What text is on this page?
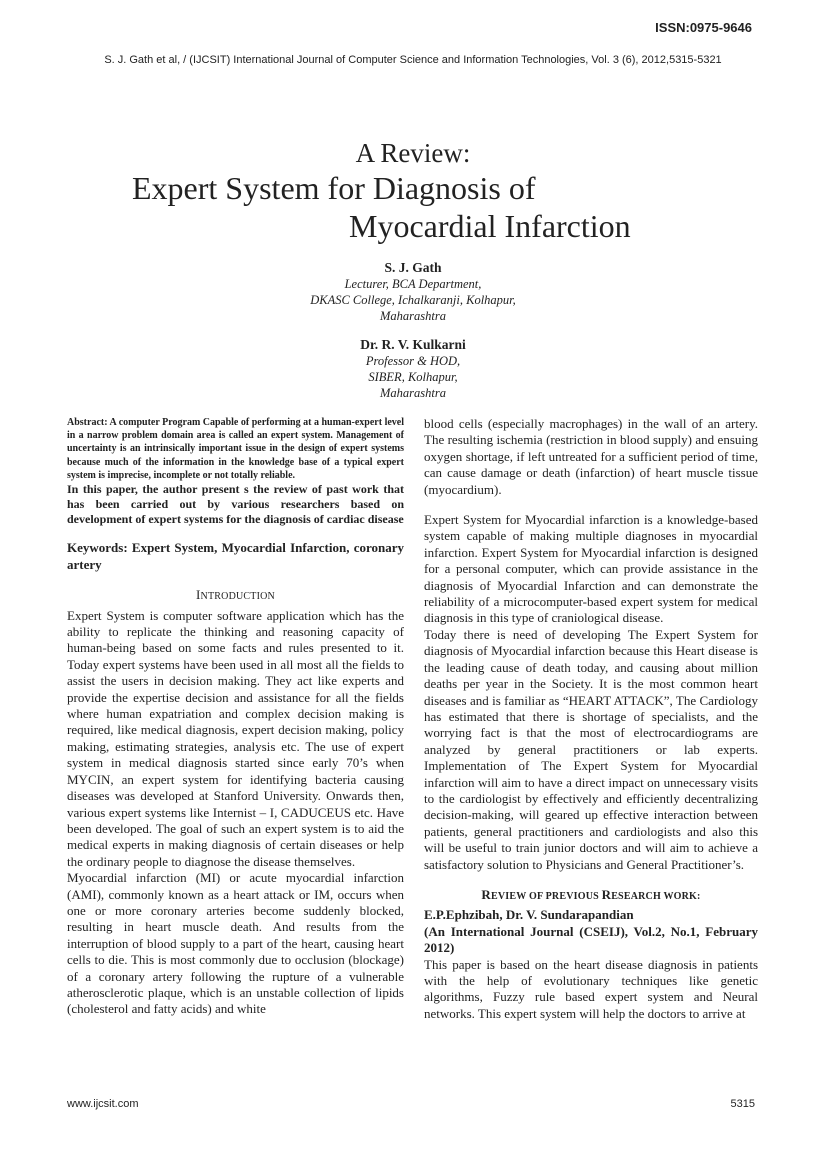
ISSN:0975-9646
S. J. Gath et al, / (IJCSIT) International Journal of Computer Science and Information Technologies, Vol. 3 (6), 2012,5315-5321
A Review:
Expert System for Diagnosis of
Myocardial Infarction
S. J. Gath
Lecturer, BCA Department,
DKASC College, Ichalkaranji, Kolhapur,
Maharashtra
Dr. R. V. Kulkarni
Professor & HOD,
SIBER, Kolhapur,
Maharashtra

Abstract: A computer Program Capable of performing at a human-expert level in a narrow problem domain area is called an expert system. Management of uncertainty is an intrinsically important issue in the design of expert systems because much of the information in the knowledge base of a typical expert system is imprecise, incomplete or not totally reliable.

In this paper, the author present s the review of past work that has been carried out by various researchers based on development of expert systems for the diagnosis of cardiac disease

Keywords: Expert System, Myocardial Infarction, coronary artery

INTRODUCTION

Expert System is computer software application which has the ability to replicate the thinking and reasoning capacity of human-being based on some facts and rules presented to it. Today expert systems have been used in all most all the fields to assist the users in decision making. They act like experts and provide the expertise decision and assistance for all the fields where human expatriation and complex decision making is required, like medical diagnosis, expert decision making, policy making, estimating strategies, analysis etc. The use of expert system in medical diagnosis started since early 70’s when MYCIN, an expert system for identifying bacteria causing diseases was developed at Stanford University. Onwards then, various expert systems like Internist – I, CADUCEUS etc. Have been developed. The goal of such an expert system is to aid the medical experts in making diagnosis of certain diseases or help the ordinary people to diagnose the disease themselves.

Myocardial infarction (MI) or acute myocardial infarction (AMI), commonly known as a heart attack or IM, occurs when one or more coronary arteries become suddenly blocked, resulting in heart muscle death. And results from the interruption of blood supply to a part of the heart, causing heart cells to die. This is most commonly due to occlusion (blockage) of a coronary artery following the rupture of a vulnerable atherosclerotic plaque, which is an unstable collection of lipids (cholesterol and fatty acids) and white

blood cells (especially macrophages) in the wall of an artery. The resulting ischemia (restriction in blood supply) and ensuing oxygen shortage, if left untreated for a sufficient period of time, can cause damage or death (infarction) of heart muscle tissue (myocardium).

Expert System for Myocardial infarction is a knowledge-based system capable of making multiple diagnoses in myocardial infarction. Expert System for Myocardial infarction is designed for a personal computer, which can provide assistance in the diagnosis of Myocardial Infarction and can demonstrate the reliability of a microcomputer-based expert system for medical diagnosis in this type of craniological disease.

Today there is need of developing The Expert System for diagnosis of Myocardial infarction because this Heart disease is the leading cause of death today, and causing about million deaths per year in the Society. It is the most common heart diseases and is familiar as “HEART ATTACK”, The Cardiology has estimated that there is shortage of specialists, and the worrying fact is that the most of electrocardiograms are analyzed by general practitioners or lab experts. Implementation of The Expert System for Myocardial infarction will aim to have a direct impact on unnecessary visits to the cardiologist by effectively and efficiently decentralizing decision-making, will geared up effective interaction between patients, general practitioners and cardiologists and also this will be useful to train junior doctors and will aim to achieve a satisfactory solution to Physicians and General Practitioner’s.

REVIEW OF PREVIOUS RESEARCH WORK:

E.P.Ephzibah, Dr. V. Sundarapandian

(An International Journal (CSEIJ), Vol.2, No.1, February 2012)

This paper is based on the heart disease diagnosis in patients with the help of evolutionary techniques like genetic algorithms, Fuzzy rule based expert system and Neural networks. This expert system will help the doctors to arrive at

www.ijcsit.com	5315
